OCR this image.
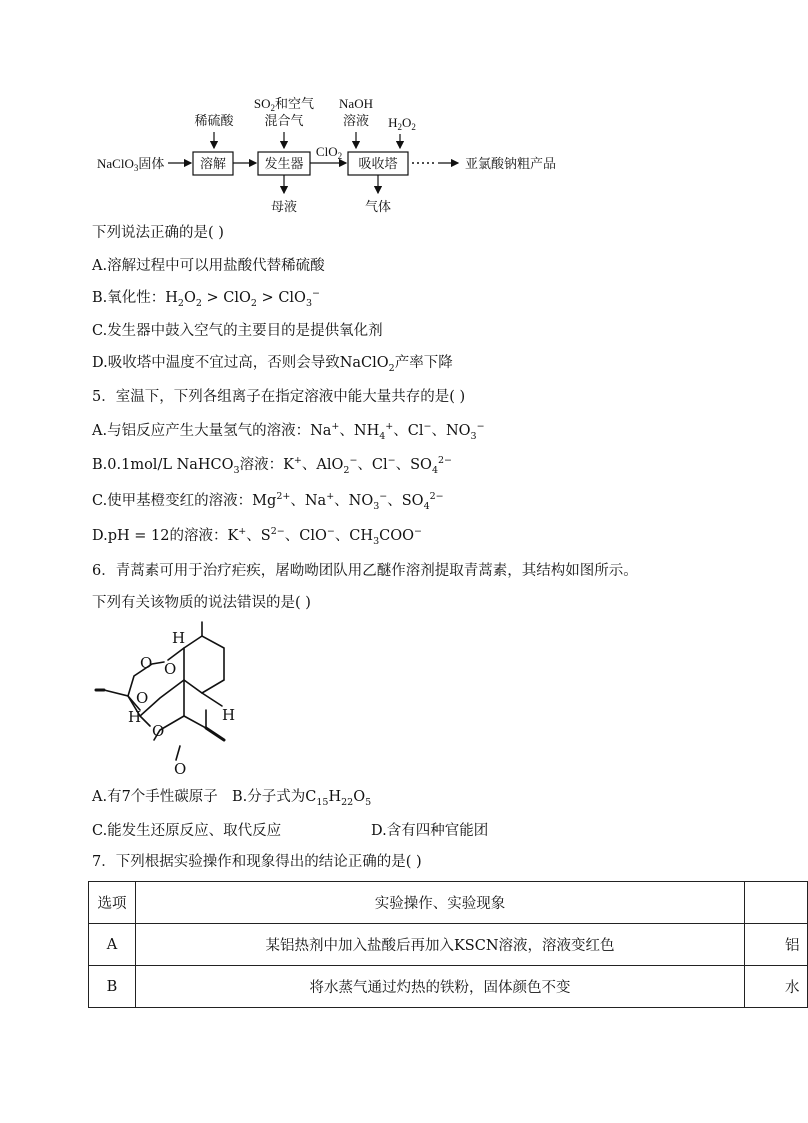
稀硫酸
$SO_2$和空气
混合气
NaOH
溶液 $H_2O_2$
NaClO$_3$固体	溶解	发生器
ClO$_2$ 吸收塔	亚氯酸钠粗产品
母液	气体
下列说法正确的是( )
A.溶解过程中可以用盐酸代替稀硫酸
B.氧化性：$H_2O_2 > ClO_2 > ClO_3^-$
C.发生器中鼓入空气的主要目的是提供氧化剂
D.吸收塔中温度不宜过高，否则会导致NaClO$_2$产率下降
5．室温下，下列各组离子在指定溶液中能大量共存的是( )
A.与铝反应产生大量氢气的溶液：Na+、$NH_4^+$、Cl−、$NO_3^-$
B.0.1mol/L NaHCO$_3$溶液：K+、AlO$_2$−、Cl−、$SO_4^{2-}$
C.使甲基橙变红的溶液：$Mg^{2+}$、Na+、$NO_3^-$、$SO_4^{2-}$
D.pH = 12的溶液：K+、$S^{2-}$、ClO−、$CH_3COO^-$
6．青蒿素可用于治疗疟疾，屠呦呦团队用乙醚作溶剂提取青蒿素，其结构如图所示。
下列有关该物质的说法错误的是( )
H
H
H
O O
O
O
O
A.有7个手性碳原子 B.分子式为$C_{15}H_{22}O_5$
C.能发生还原反应、取代反应	D.含有四种官能团
7．下列根据实验操作和现象得出的结论正确的是( )
选项	实验操作、实验现象	
A	某铝热剂中加入盐酸后再加入KSCN溶液，溶液变红色	铝
B	将水蒸气通过灼热的铁粉，固体颜色不变	水
